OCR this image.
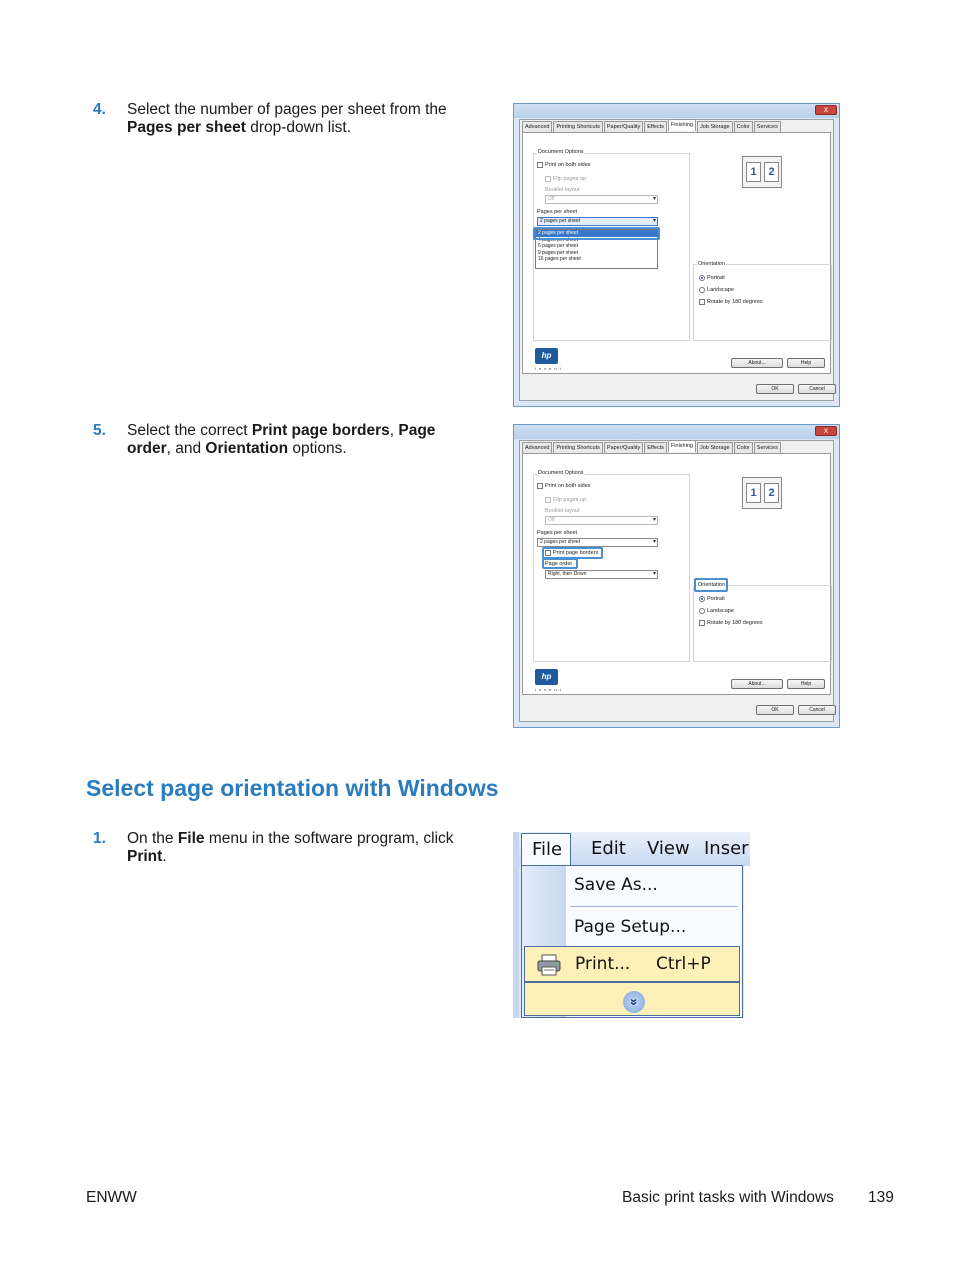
4. Select the number of pages per sheet from the Pages per sheet drop-down list.
x
Advanced	Printing Shortcuts	Paper/Quality	Effects	Finishing	Job Storage	Color	Services
Document Options
Print on both sides
Flip pages up
Booklet layout
Off ▾
Pages per sheet
2 pages per sheet ▾
2 pages per sheet
4 pages per sheet
6 pages per sheet
9 pages per sheet
16 pages per sheet
1	2
Orientation
Portrait
Landscape
Rotate by 180 degrees
hp
invent
About...	Help
OK	Cancel
5. Select the correct Print page borders, Page order, and Orientation options.
x
Advanced	Printing Shortcuts	Paper/Quality	Effects	Finishing	Job Storage	Color	Services
Document Options
Print on both sides
Flip pages up
Booklet layout
Off ▾
Pages per sheet
2 pages per sheet ▾
Print page borders
Page order
Right, then Down ▾
1	2
Orientation
Portrait
Landscape
Rotate by 180 degrees
hp
invent
About...	Help
OK	Cancel
Select page orientation with Windows
1. On the File menu in the software program, click Print.	File	Edit View Inser
Save As...
Page Setup...
Print... Ctrl+P
»
ENWW	Basic print tasks with Windows 139
